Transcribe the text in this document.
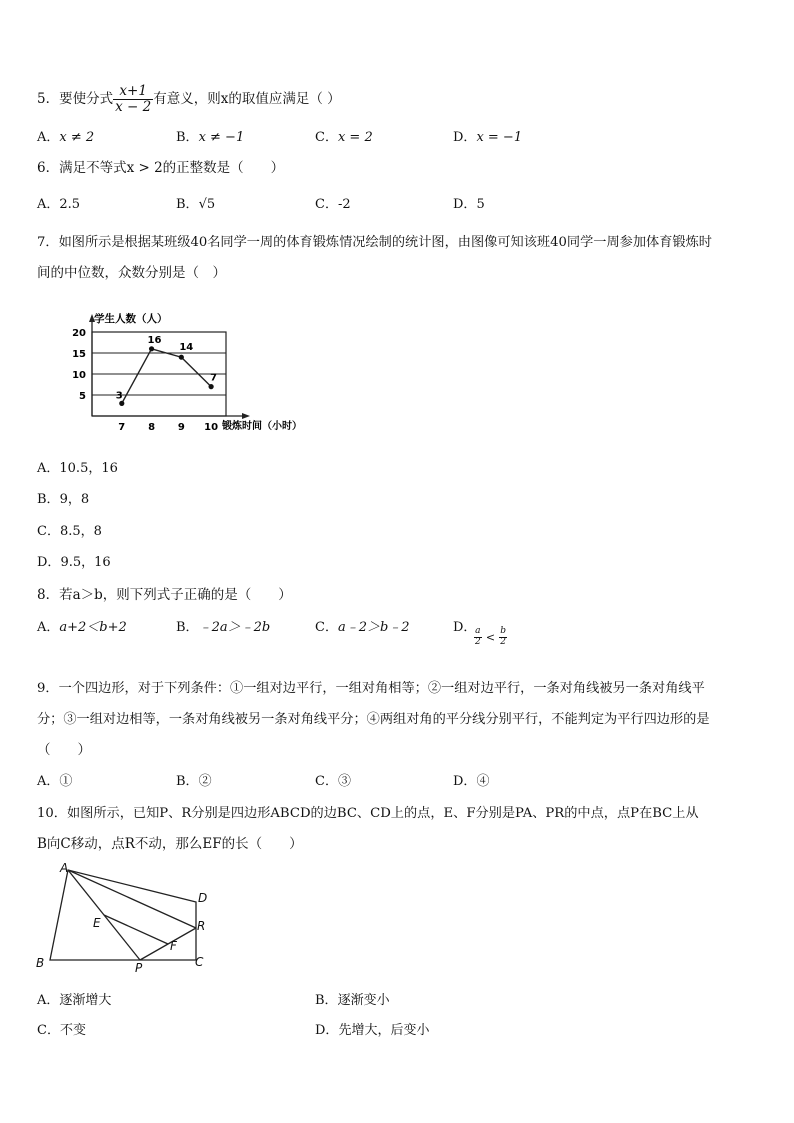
5．要使分式 $\frac{x+1}{x - 2}$ 有意义，则x的取值应满足（ ）
A．x ≠ 2	B．x ≠ −1	C．x = 2	D．x = −1
6．满足不等式x > 2的正整数是（　　）
A．2.5	B．√5	C．-2	D．5
7．如图所示是根据某班级40名同学一周的体育锻炼情况绘制的统计图，由图像可知该班40同学一周参加体育锻炼时
间的中位数，众数分别是（　）
5
10
15
20
学生人数（人）
锻炼时间（小时）
7 8 9 10
3
16
14
7
A．10.5，16
B．9，8
C．8.5，8
D．9.5，16
8．若a＞b，则下列式子正确的是（　　）
A．a+2＜b+2	B．﹣2a＞﹣2b	C．a﹣2＞b﹣2	D．
$\frac{a}{2} < \frac{b}{2}$
9．一个四边形，对于下列条件：①一组对边平行，一组对角相等；②一组对边平行，一条对角线被另一条对角线平
分；③一组对边相等，一条对角线被另一条对角线平分；④两组对角的平分线分别平行，不能判定为平行四边形的是
（　　）
A．①	B．②	C．③	D．④
10．如图所示，已知P、R分别是四边形ABCD的边BC、CD上的点，E、F分别是PA、PR的中点，点P在BC上从
B向C移动，点R不动，那么EF的长（　　）
A
B	C
D
E
F
P
R
A．逐渐增大	B．逐渐变小
C．不变	D．先增大，后变小
